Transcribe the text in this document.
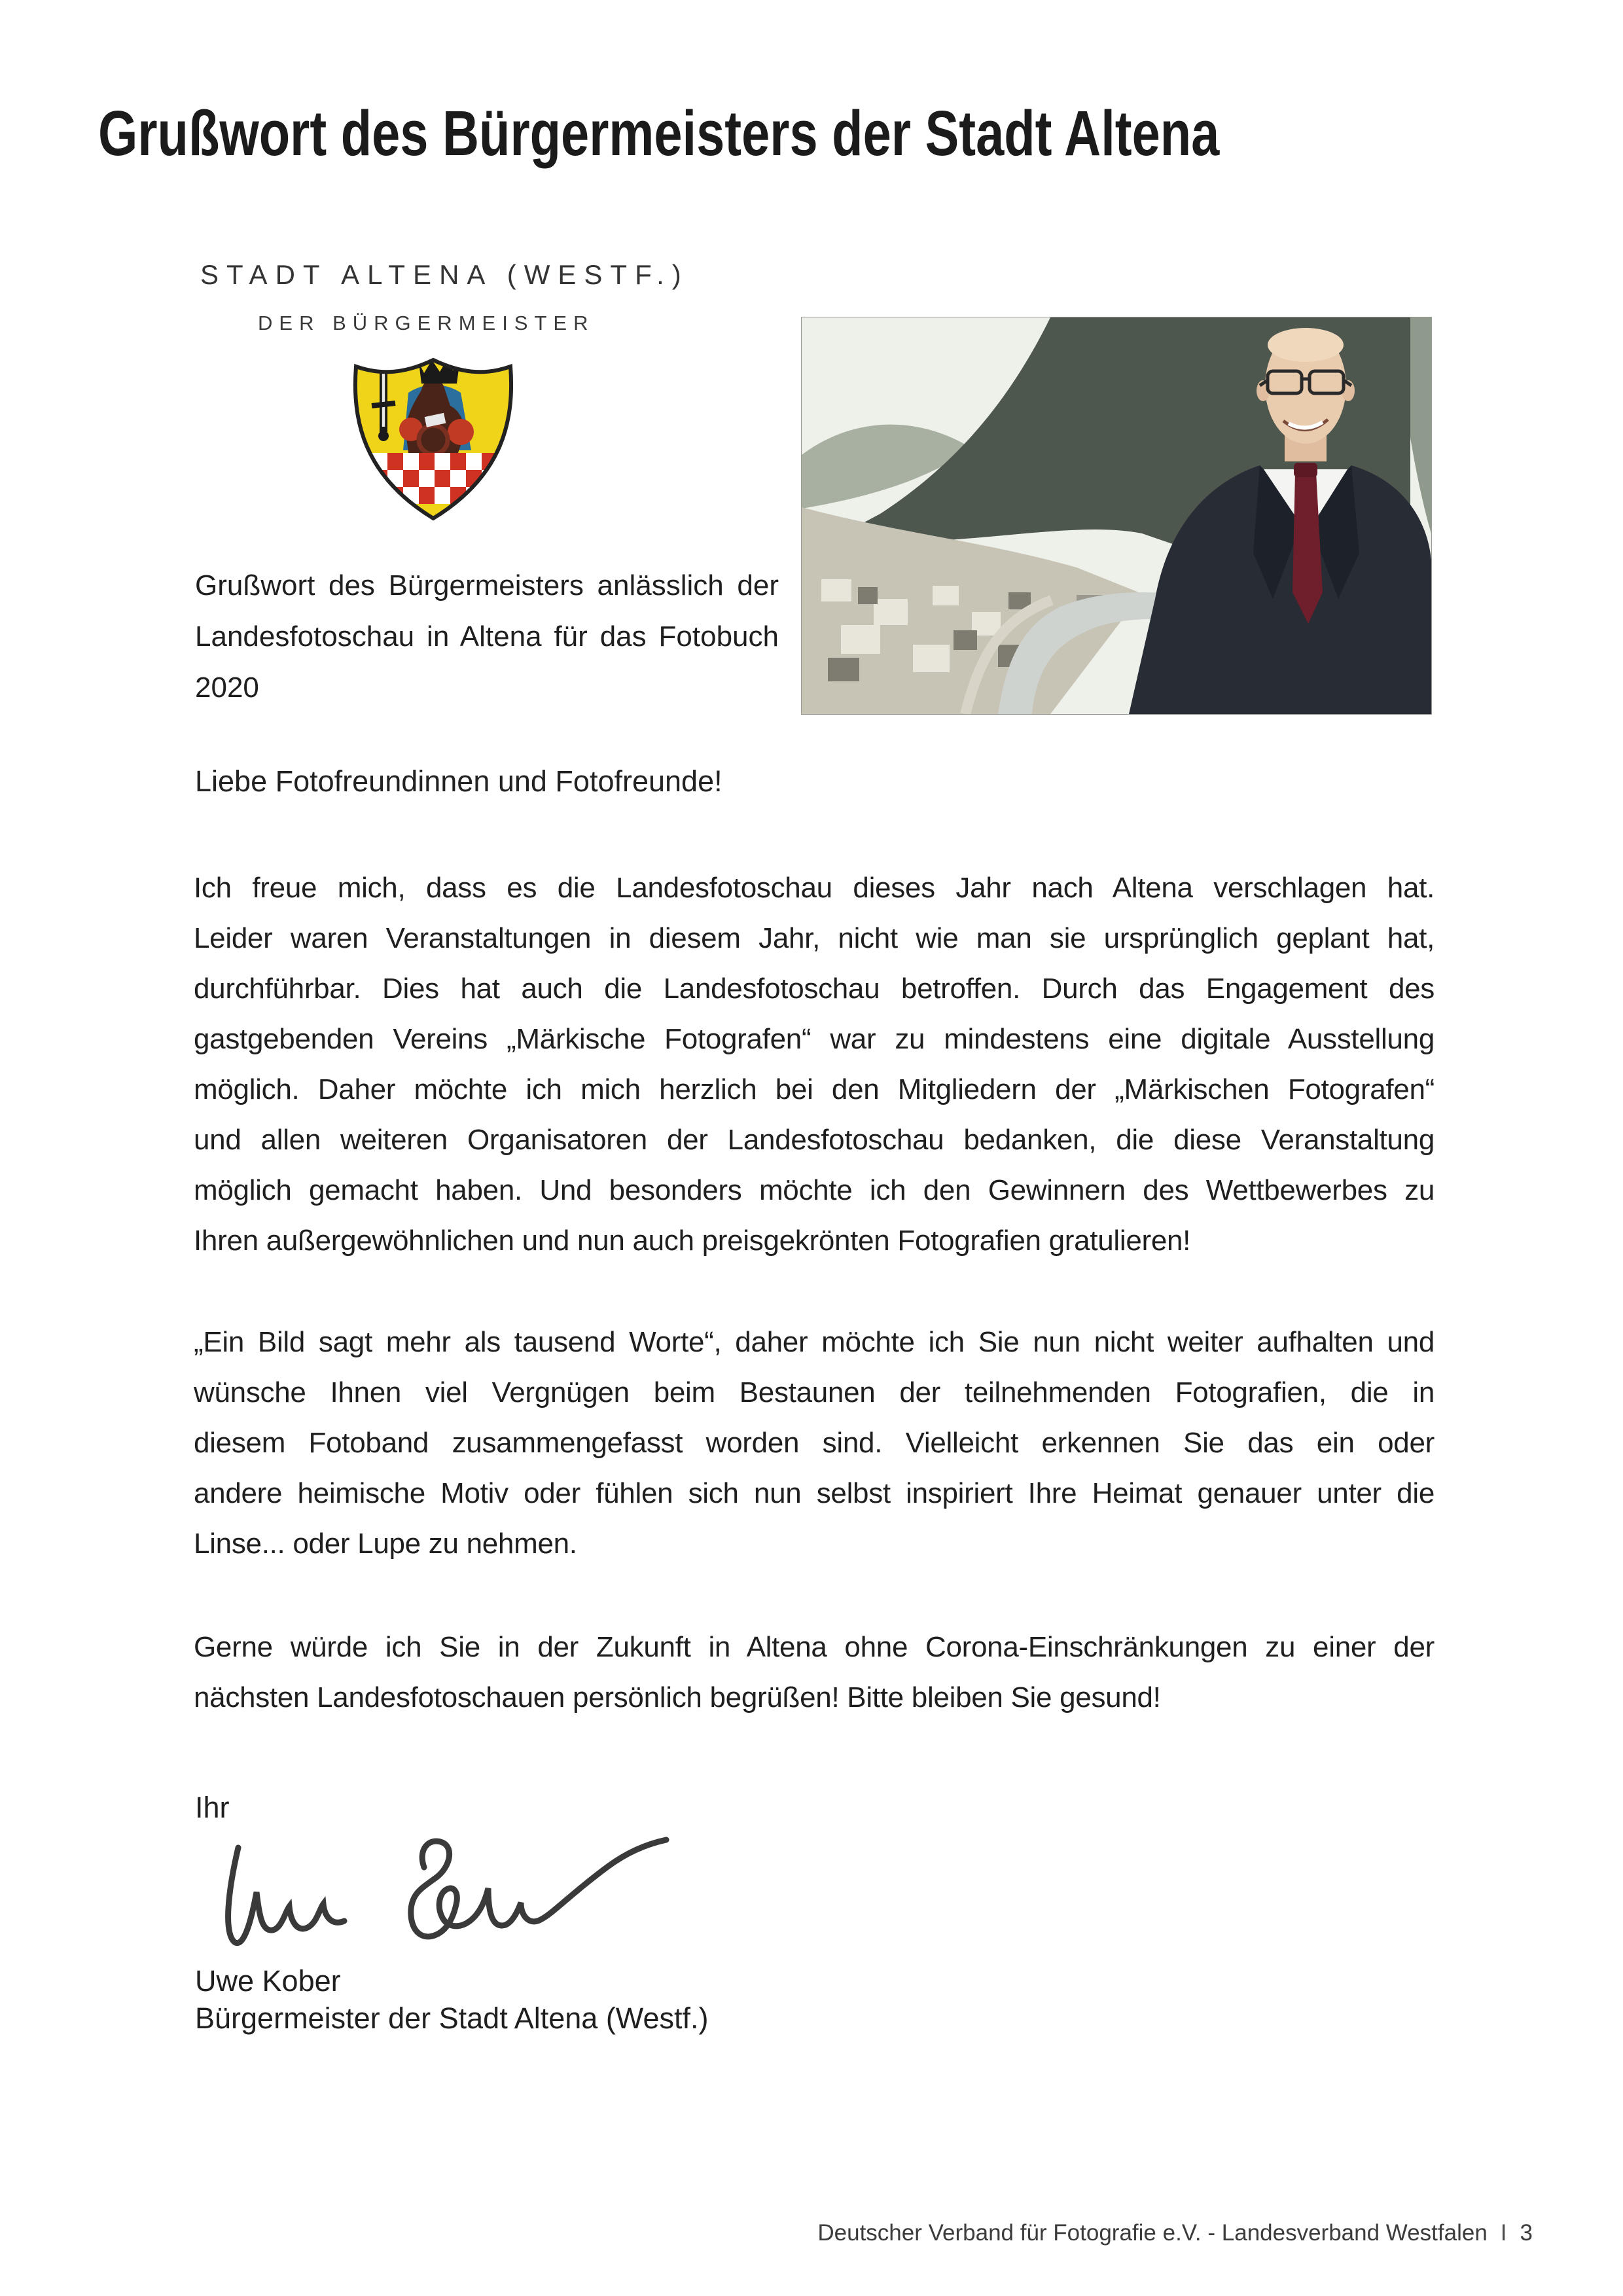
Grußwort des Bürgermeisters der Stadt Altena
STADT ALTENA (WESTF.)
DER BÜRGERMEISTER
Grußwort des Bürgermeisters anlässlich der
Landesfotoschau in Altena für das Fotobuch
2020
Liebe Fotofreundinnen und Fotofreunde!
Ich freue mich, dass es die Landesfotoschau dieses Jahr nach Altena verschlagen hat.
Leider waren Veranstaltungen in diesem Jahr, nicht wie man sie ursprünglich geplant hat,
durchführbar. Dies hat auch die Landesfotoschau betroffen. Durch das Engagement des
gastgebenden Vereins „Märkische Fotografen“ war zu mindestens eine digitale Ausstellung
möglich. Daher möchte ich mich herzlich bei den Mitgliedern der „Märkischen Fotografen“
und allen weiteren Organisatoren der Landesfotoschau bedanken, die diese Veranstaltung
möglich gemacht haben. Und besonders möchte ich den Gewinnern des Wettbewerbes zu
Ihren außergewöhnlichen und nun auch preisgekrönten Fotografien gratulieren!
„Ein Bild sagt mehr als tausend Worte“, daher möchte ich Sie nun nicht weiter aufhalten und
wünsche Ihnen viel Vergnügen beim Bestaunen der teilnehmenden Fotografien, die in
diesem Fotoband zusammengefasst worden sind. Vielleicht erkennen Sie das ein oder
andere heimische Motiv oder fühlen sich nun selbst inspiriert Ihre Heimat genauer unter die
Linse... oder Lupe zu nehmen.
Gerne würde ich Sie in der Zukunft in Altena ohne Corona-Einschränkungen zu einer der
nächsten Landesfotoschauen persönlich begrüßen! Bitte bleiben Sie gesund!
Ihr
Uwe Kober
Bürgermeister der Stadt Altena (Westf.)
Deutscher Verband für Fotografie e.V. - Landesverband Westfalen I 3
